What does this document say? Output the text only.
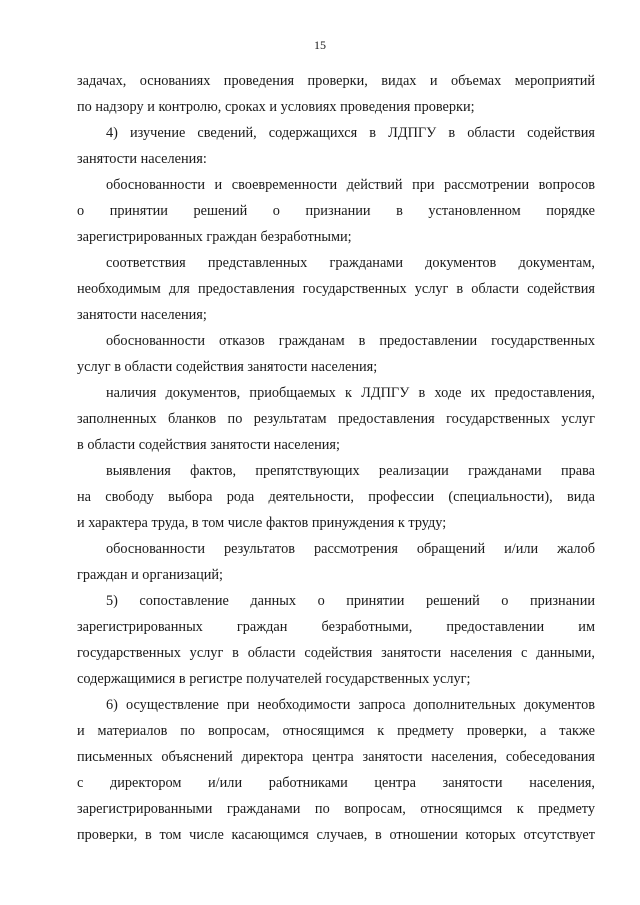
15
задачах, основаниях проведения проверки, видах и объемах мероприятий
по надзору и контролю, сроках и условиях проведения проверки;
4) изучение сведений, содержащихся в ЛДПГУ в области содействия
занятости населения:
обоснованности и своевременности действий при рассмотрении вопросов
о принятии решений о признании в установленном порядке
зарегистрированных граждан безработными;
соответствия представленных гражданами документов документам,
необходимым для предоставления государственных услуг в области содействия
занятости населения;
обоснованности отказов гражданам в предоставлении государственных
услуг в области содействия занятости населения;
наличия документов, приобщаемых к ЛДПГУ в ходе их предоставления,
заполненных бланков по результатам предоставления государственных услуг
в области содействия занятости населения;
выявления фактов, препятствующих реализации гражданами права
на свободу выбора рода деятельности, профессии (специальности), вида
и характера труда, в том числе фактов принуждения к труду;
обоснованности результатов рассмотрения обращений и/или жалоб
граждан и организаций;
5) сопоставление данных о принятии решений о признании
зарегистрированных граждан безработными, предоставлении им
государственных услуг в области содействия занятости населения с данными,
содержащимися в регистре получателей государственных услуг;
6) осуществление при необходимости запроса дополнительных документов
и материалов по вопросам, относящимся к предмету проверки, а также
письменных объяснений директора центра занятости населения, собеседования
с директором и/или работниками центра занятости населения,
зарегистрированными гражданами по вопросам, относящимся к предмету
проверки, в том числе касающимся случаев, в отношении которых отсутствует
